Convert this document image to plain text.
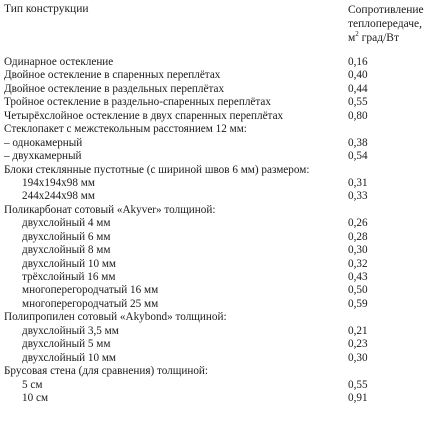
Тип конструкции	Сопротивление
теплопередаче,
$м^2$ град/Вт
Одинарное остекление	0,16
Двойное остекление в спаренных переплётах	0,40
Двойное остекление в раздельных переплётах	0,44
Тройное остекление в раздельно-спаренных переплётах	0,55
Четырёхслойное остекление в двух спаренных переплётах	0,80
Стеклопакет с межстекольным расстоянием 12 мм:
– однокамерный	0,38
– двухкамерный	0,54
Блоки стеклянные пустотные (с шириной швов 6 мм) размером:
194x194x98 мм	0,31
244x244x98 мм	0,33
Поликарбонат сотовый «Akyver» толщиной:
двухслойный 4 мм	0,26
двухслойный 6 мм	0,28
двухслойный 8 мм	0,30
двухслойный 10 мм	0,32
трёхслойный 16 мм	0,43
многоперегородчатый 16 мм	0,50
многоперегородчатый 25 мм	0,59
Полипропилен сотовый «Akybond» толщиной:
двухслойный 3,5 мм	0,21
двухслойный 5 мм	0,23
двухслойный 10 мм	0,30
Брусовая стена (для сравнения) толщиной:
5 см	0,55
10 см	0,91
